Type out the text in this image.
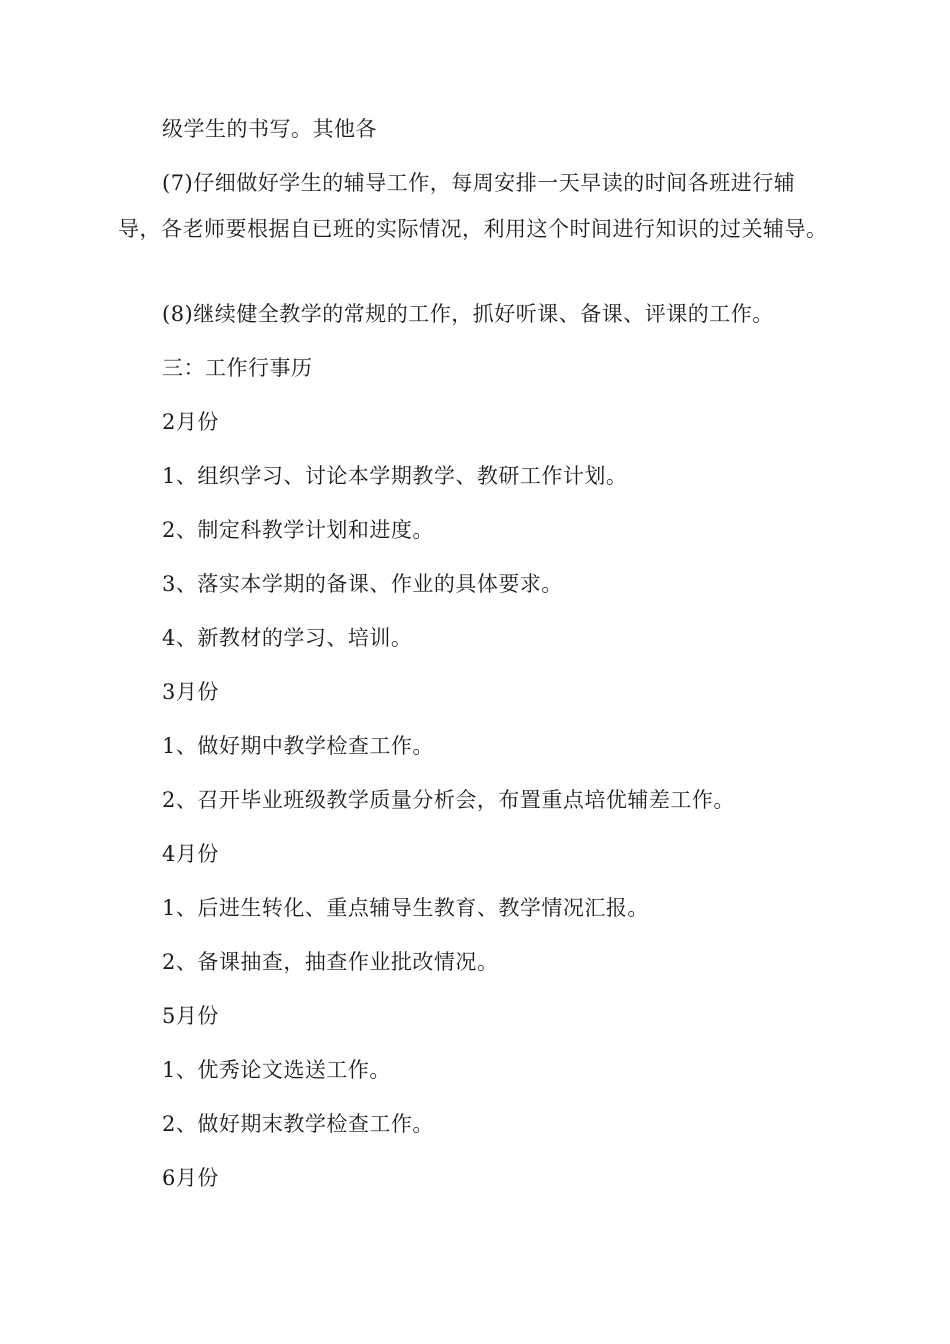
级学生的书写。其他各

(7)仔细做好学生的辅导工作，每周安排一天早读的时间各班进行辅导，各老师要根据自已班的实际情况，利用这个时间进行知识的过关辅导。

(8)继续健全教学的常规的工作，抓好听课、备课、评课的工作。

三：工作行事历

2月份

1、组织学习、讨论本学期教学、教研工作计划。

2、制定科教学计划和进度。

3、落实本学期的备课、作业的具体要求。

4、新教材的学习、培训。

3月份

1、做好期中教学检查工作。

2、召开毕业班级教学质量分析会，布置重点培优辅差工作。

4月份

1、后进生转化、重点辅导生教育、教学情况汇报。

2、备课抽查，抽查作业批改情况。

5月份

1、优秀论文选送工作。

2、做好期末教学检查工作。

6月份
